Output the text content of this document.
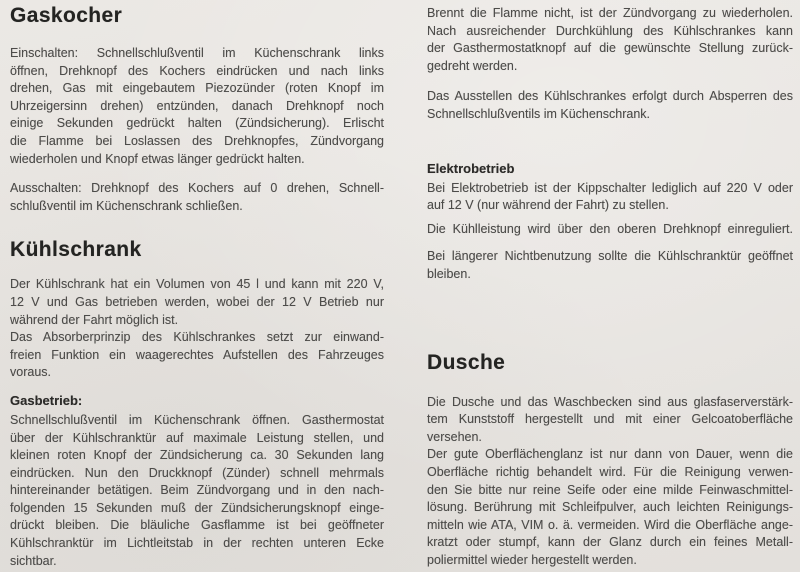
Gaskocher
Einschalten: Schnellschlußventil im Küchenschrank links
öffnen, Drehknopf des Kochers eindrücken und nach links
drehen, Gas mit eingebautem Piezozünder (roten Knopf im
Uhrzeigersinn drehen) entzünden, danach Drehknopf noch
einige Sekunden gedrückt halten (Zündsicherung). Erlischt
die Flamme bei Loslassen des Drehknopfes, Zündvorgang
wiederholen und Knopf etwas länger gedrückt halten.
Ausschalten: Drehknopf des Kochers auf 0 drehen, Schnell-
schlußventil im Küchenschrank schließen.
Kühlschrank
Der Kühlschrank hat ein Volumen von 45 l und kann mit 220 V,
12 V und Gas betrieben werden, wobei der 12 V Betrieb nur
während der Fahrt möglich ist.
Das Absorberprinzip des Kühlschrankes setzt zur einwand-
freien Funktion ein waagerechtes Aufstellen des Fahrzeuges
voraus.

Gasbetrieb:

Schnellschlußventil im Küchenschrank öffnen. Gasthermostat
über der Kühlschranktür auf maximale Leistung stellen, und
kleinen roten Knopf der Zündsicherung ca. 30 Sekunden lang
eindrücken. Nun den Druckknopf (Zünder) schnell mehrmals
hintereinander betätigen. Beim Zündvorgang und in den nach-
folgenden 15 Sekunden muß der Zündsicherungsknopf einge-
drückt bleiben. Die bläuliche Gasflamme ist bei geöffneter
Kühlschranktür im Lichtleitstab in der rechten unteren Ecke
sichtbar.
Brennt die Flamme nicht, ist der Zündvorgang zu wiederholen.
Nach ausreichender Durchkühlung des Kühlschrankes kann
der Gasthermostatknopf auf die gewünschte Stellung zurück-
gedreht werden.
Das Ausstellen des Kühlschrankes erfolgt durch Absperren des
Schnellschlußventils im Küchenschrank.

Elektrobetrieb

Bei Elektrobetrieb ist der Kippschalter lediglich auf 220 V oder
auf 12 V (nur während der Fahrt) zu stellen.
Die Kühlleistung wird über den oberen Drehknopf einreguliert.
Bei längerer Nichtbenutzung sollte die Kühlschranktür geöffnet
bleiben.
Dusche
Die Dusche und das Waschbecken sind aus glasfaserverstärk-
tem Kunststoff hergestellt und mit einer Gelcoatoberfläche
versehen.
Der gute Oberflächenglanz ist nur dann von Dauer, wenn die
Oberfläche richtig behandelt wird. Für die Reinigung verwen-
den Sie bitte nur reine Seife oder eine milde Feinwaschmittel-
lösung. Berührung mit Schleifpulver, auch leichten Reinigungs-
mitteln wie ATA, VIM o. ä. vermeiden. Wird die Oberfläche ange-
kratzt oder stumpf, kann der Glanz durch ein feines Metall-
poliermittel wieder hergestellt werden.
